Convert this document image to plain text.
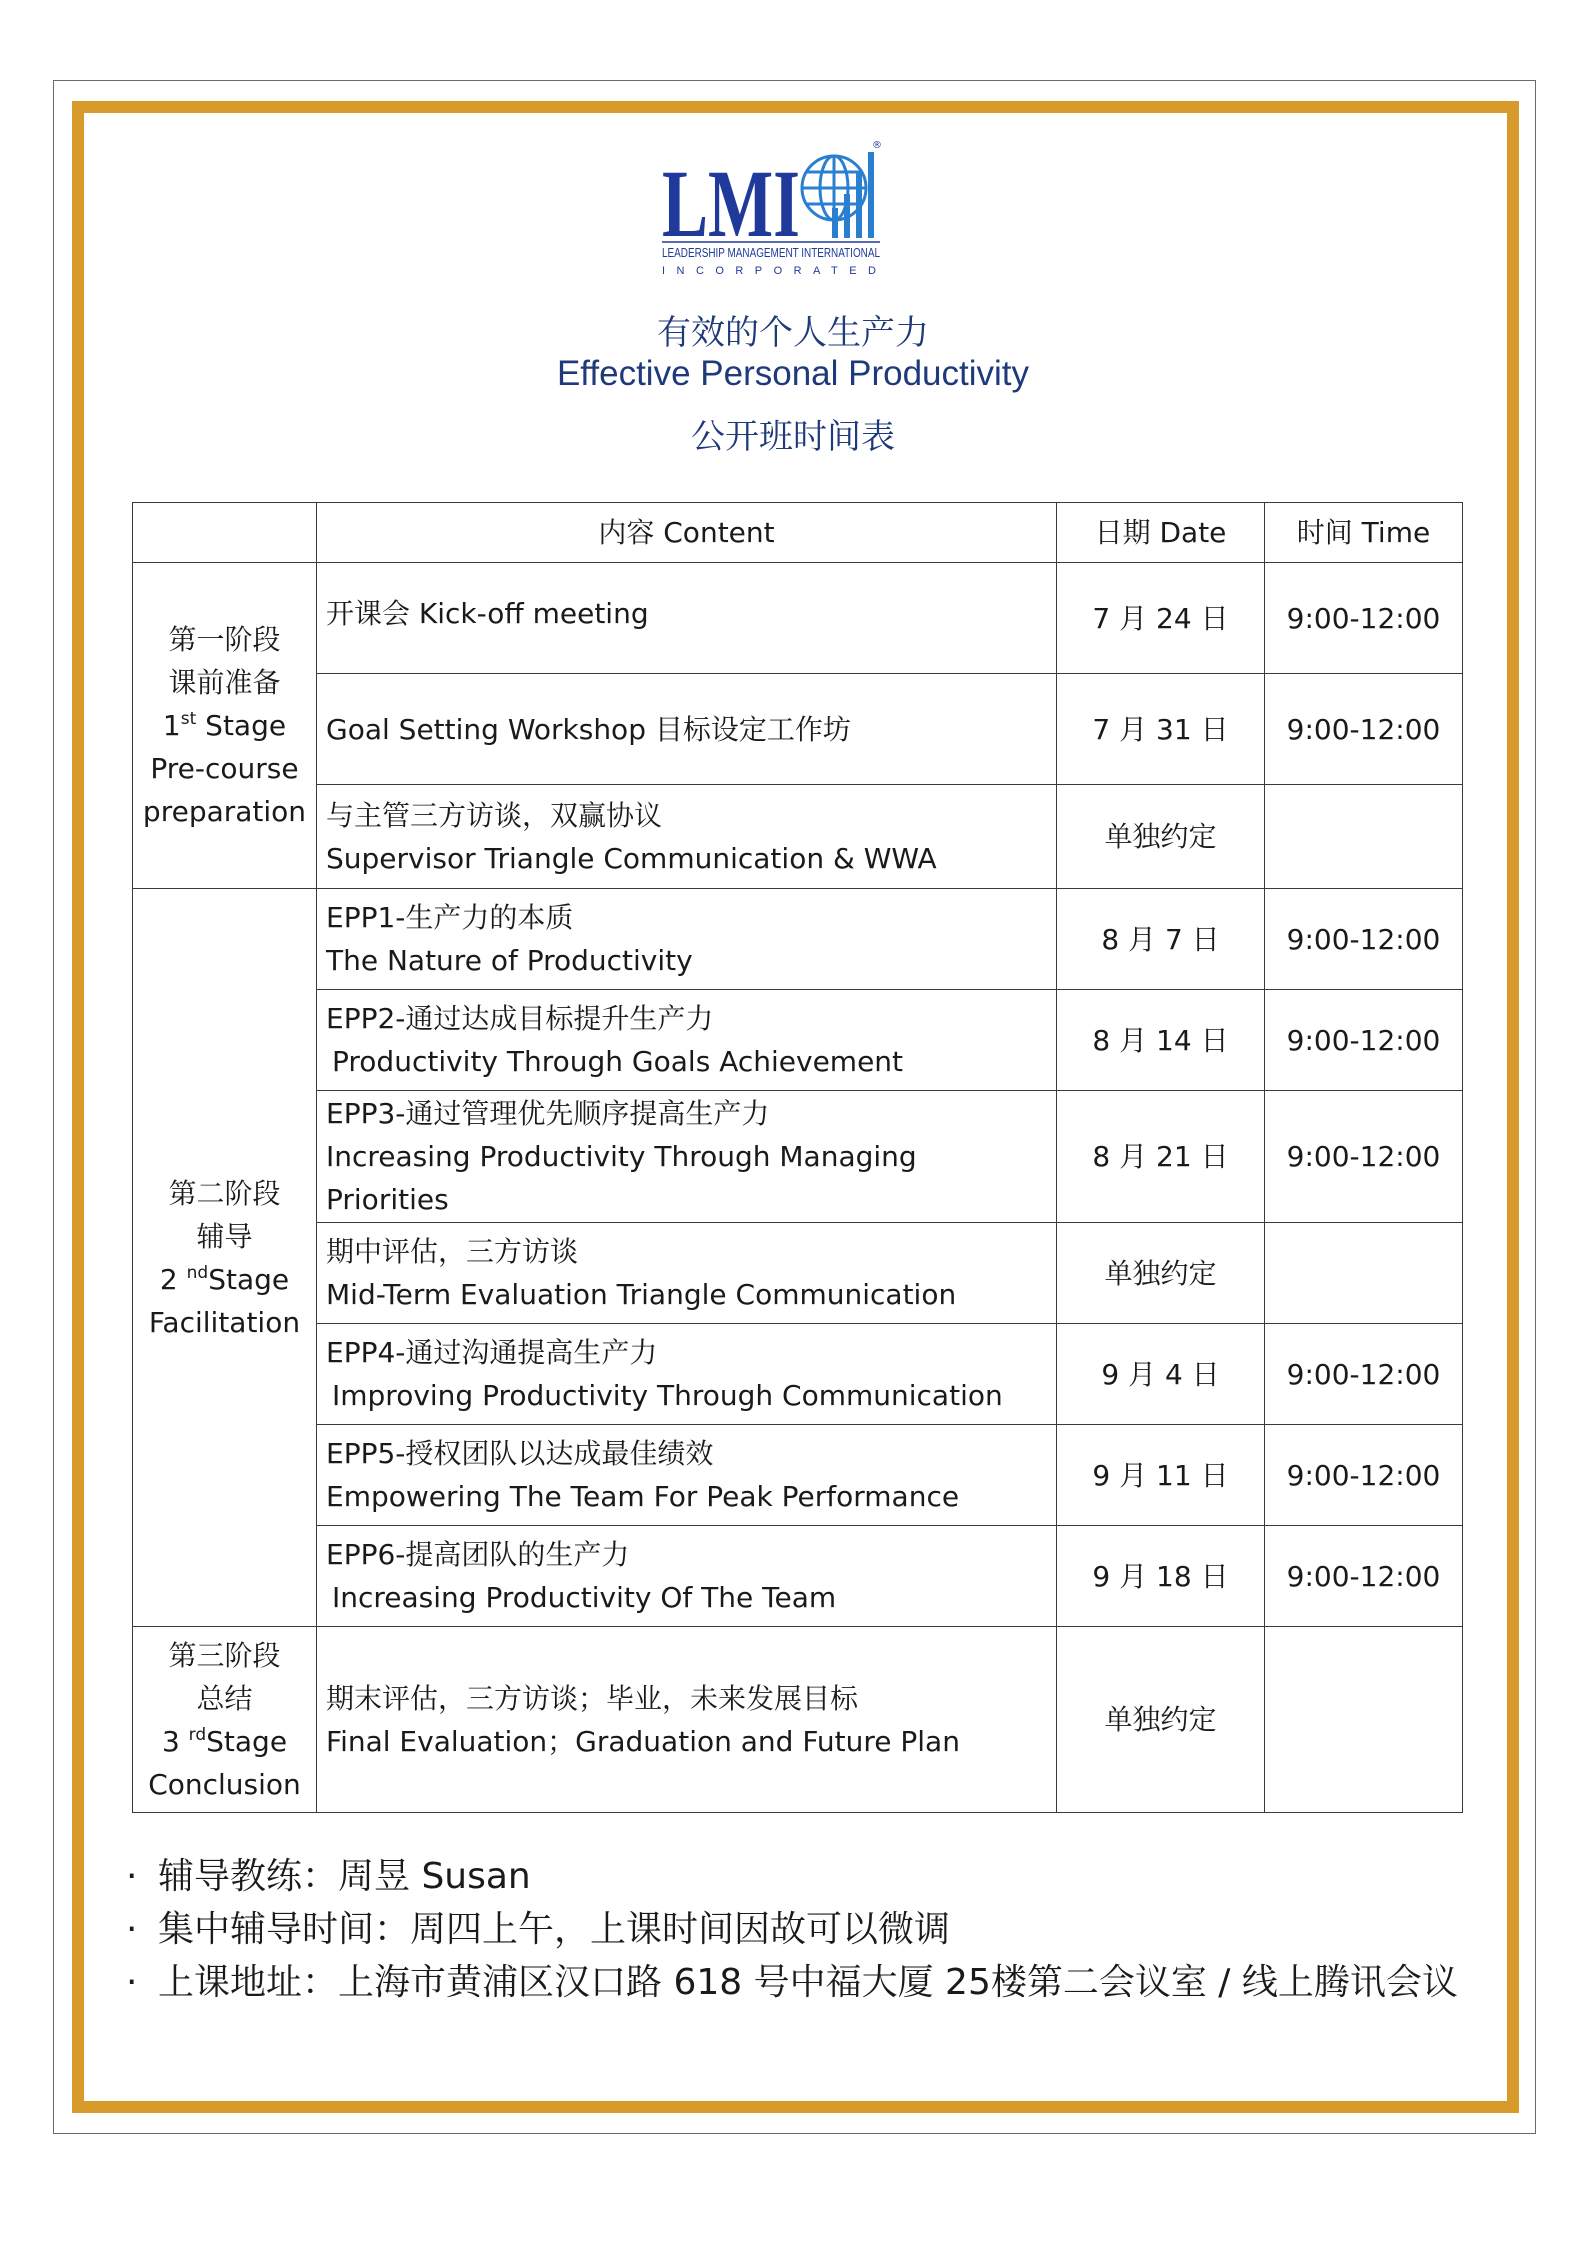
LMI
®
LEADERSHIP MANAGEMENT INTERNATIONAL
INCORPORATED
有效的个人生产力
Effective Personal Productivity
公开班时间表
	内容 Content	日期 Date	时间 Time

第一阶段
课前准备
1st Stage
Pre-course
preparation	开课会 Kick-off meeting	7 月 24 日	9:00-12:00

	Goal Setting Workshop 目标设定工作坊	7 月 31 日	9:00-12:00

	与主管三方访谈，双赢协议
Supervisor Triangle Communication & WWA	单独约定	

第二阶段
辅导
2 $^{nd}$Stage
Facilitation	EPP1-生产力的本质
The Nature of Productivity	8 月 7 日	9:00-12:00

	EPP2-通过达成目标提升生产力
Productivity Through Goals Achievement	8 月 14 日	9:00-12:00

	EPP3-通过管理优先顺序提高生产力
Increasing Productivity Through Managing
Priorities	8 月 21 日	9:00-12:00

	期中评估，三方访谈
Mid-Term Evaluation Triangle Communication	单独约定	

	EPP4-通过沟通提高生产力
Improving Productivity Through Communication	9 月 4 日	9:00-12:00

	EPP5-授权团队以达成最佳绩效
Empowering The Team For Peak Performance	9 月 11 日	9:00-12:00

	EPP6-提高团队的生产力
Increasing Productivity Of The Team	9 月 18 日	9:00-12:00

第三阶段
总结
3 $^{rd}$Stage
Conclusion	期末评估，三方访谈；毕业，未来发展目标
Final Evaluation；Graduation and Future Plan	单独约定	
· 辅导教练：周昱 Susan
· 集中辅导时间：周四上午，上课时间因故可以微调
· 上课地址：上海市黄浦区汉口路 618 号中福大厦 25楼第二会议室 / 线上腾讯会议
